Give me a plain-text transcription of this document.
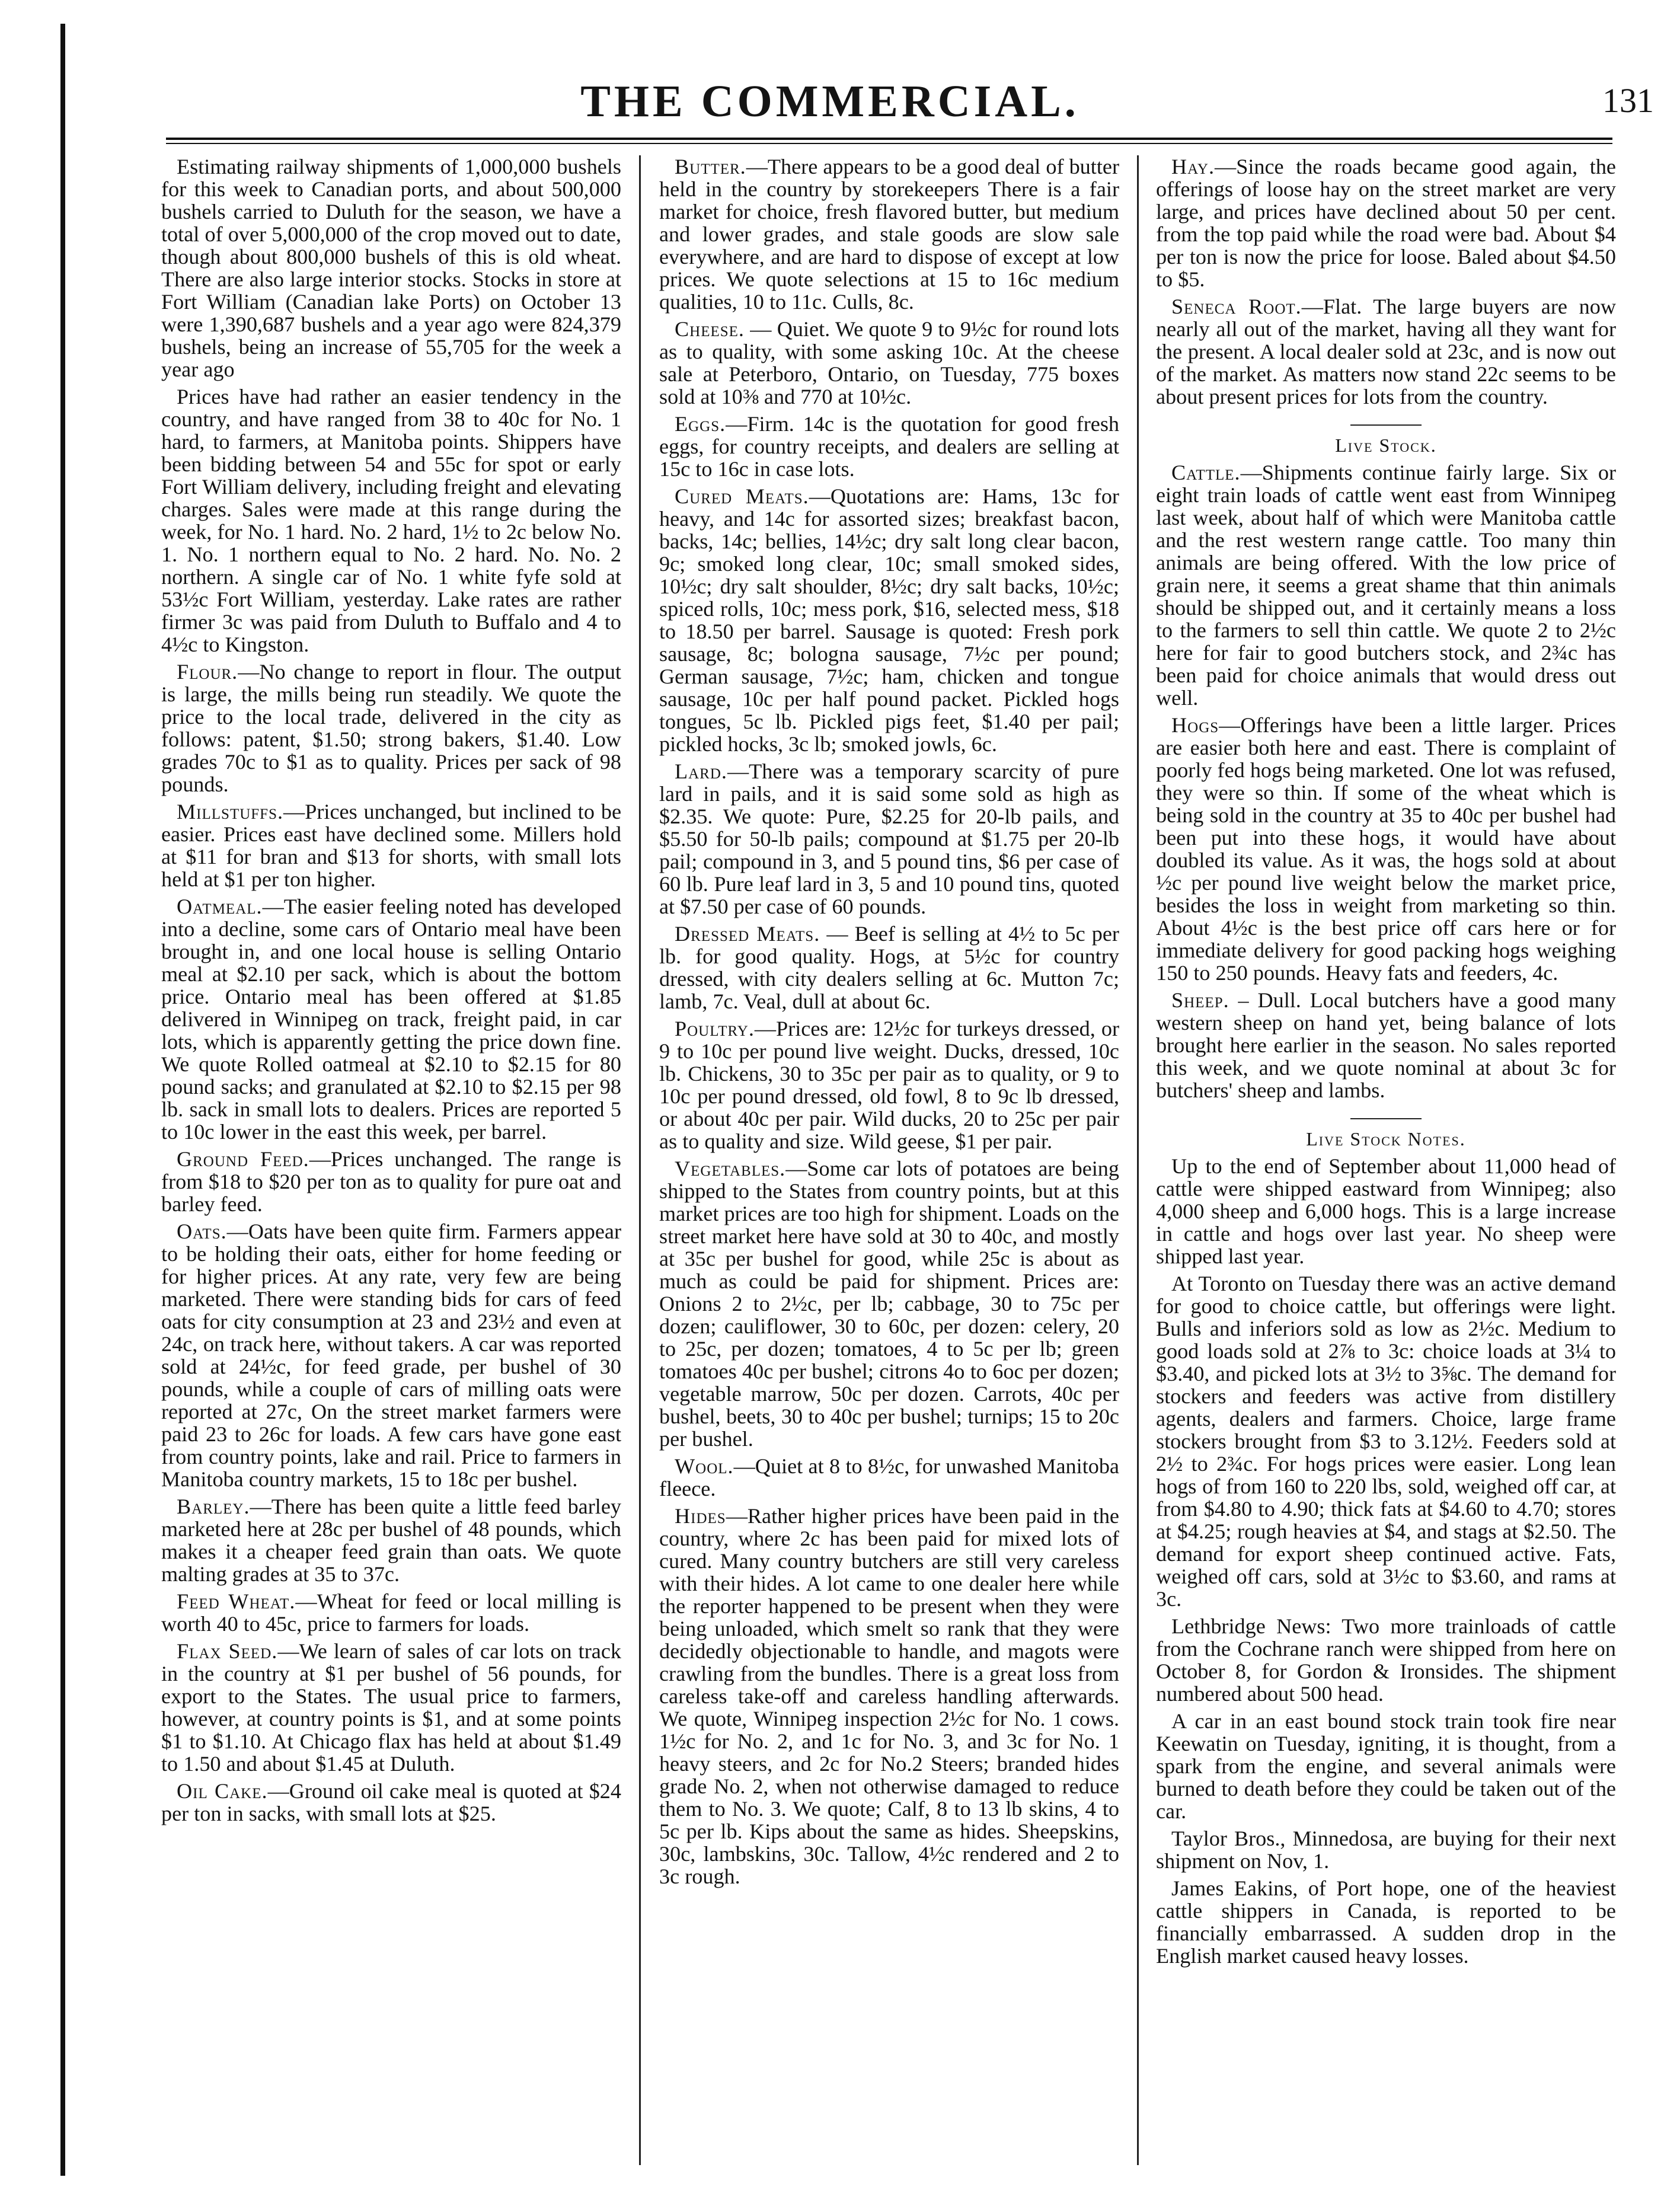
THE COMMERCIAL.	131

Estimating railway shipments of 1,000,000 bushels for this week to Canadian ports, and about 500,000 bushels carried to Duluth for the season, we have a total of over 5,000,000 of the crop moved out to date, though about 800,000 bushels of this is old wheat. There are also large interior stocks. Stocks in store at Fort William (Canadian lake Ports) on October 13 were 1,390,687 bushels and a year ago were 824,379 bushels, being an increase of 55,705 for the week a year ago

Prices have had rather an easier tendency in the country, and have ranged from 38 to 40c for No. 1 hard, to farmers, at Manitoba points. Shippers have been bidding between 54 and 55c for spot or early Fort William delivery, including freight and elevating charges. Sales were made at this range during the week, for No. 1 hard. No. 2 hard, 1½ to 2c below No. 1. No. 1 northern equal to No. 2 hard. No. No. 2 northern. A single car of No. 1 white fyfe sold at 53½c Fort William, yesterday. Lake rates are rather firmer 3c was paid from Duluth to Buffalo and 4 to 4½c to Kingston.

Flour.—No change to report in flour. The output is large, the mills being run steadily. We quote the price to the local trade, delivered in the city as follows: patent, $1.50; strong bakers, $1.40. Low grades 70c to $1 as to quality. Prices per sack of 98 pounds.

Millstuffs.—Prices unchanged, but inclined to be easier. Prices east have declined some. Millers hold at $11 for bran and $13 for shorts, with small lots held at $1 per ton higher.

Oatmeal.—The easier feeling noted has developed into a decline, some cars of Ontario meal have been brought in, and one local house is selling Ontario meal at $2.10 per sack, which is about the bottom price. Ontario meal has been offered at $1.85 delivered in Winnipeg on track, freight paid, in car lots, which is apparently getting the price down fine. We quote Rolled oatmeal at $2.10 to $2.15 for 80 pound sacks; and granulated at $2.10 to $2.15 per 98 lb. sack in small lots to dealers. Prices are reported 5 to 10c lower in the east this week, per barrel.

Ground Feed.—Prices unchanged. The range is from $18 to $20 per ton as to quality for pure oat and barley feed.

Oats.—Oats have been quite firm. Farmers appear to be holding their oats, either for home feeding or for higher prices. At any rate, very few are being marketed. There were standing bids for cars of feed oats for city consumption at 23 and 23½ and even at 24c, on track here, without takers. A car was reported sold at 24½c, for feed grade, per bushel of 30 pounds, while a couple of cars of milling oats were reported at 27c, On the street market farmers were paid 23 to 26c for loads. A few cars have gone east from country points, lake and rail. Price to farmers in Manitoba country markets, 15 to 18c per bushel.

Barley.—There has been quite a little feed barley marketed here at 28c per bushel of 48 pounds, which makes it a cheaper feed grain than oats. We quote malting grades at 35 to 37c.

Feed Wheat.—Wheat for feed or local milling is worth 40 to 45c, price to farmers for loads.

Flax Seed.—We learn of sales of car lots on track in the country at $1 per bushel of 56 pounds, for export to the States. The usual price to farmers, however, at country points is $1, and at some points $1 to $1.10. At Chicago flax has held at about $1.49 to 1.50 and about $1.45 at Duluth.

Oil Cake.—Ground oil cake meal is quoted at $24 per ton in sacks, with small lots at $25.

Butter.—There appears to be a good deal of butter held in the country by storekeepers There is a fair market for choice, fresh flavored butter, but medium and lower grades, and stale goods are slow sale everywhere, and are hard to dispose of except at low prices. We quote selections at 15 to 16c medium qualities, 10 to 11c. Culls, 8c.

Cheese. — Quiet. We quote 9 to 9½c for round lots as to quality, with some asking 10c. At the cheese sale at Peterboro, Ontario, on Tuesday, 775 boxes sold at 10⅜ and 770 at 10½c.

Eggs.—Firm. 14c is the quotation for good fresh eggs, for country receipts, and dealers are selling at 15c to 16c in case lots.

Cured Meats.—Quotations are: Hams, 13c for heavy, and 14c for assorted sizes; breakfast bacon, backs, 14c; bellies, 14½c; dry salt long clear bacon, 9c; smoked long clear, 10c; small smoked sides, 10½c; dry salt shoulder, 8½c; dry salt backs, 10½c; spiced rolls, 10c; mess pork, $16, selected mess, $18 to 18.50 per barrel. Sausage is quoted: Fresh pork sausage, 8c; bologna sausage, 7½c per pound; German sausage, 7½c; ham, chicken and tongue sausage, 10c per half pound packet. Pickled hogs tongues, 5c lb. Pickled pigs feet, $1.40 per pail; pickled hocks, 3c lb; smoked jowls, 6c.

Lard.—There was a temporary scarcity of pure lard in pails, and it is said some sold as high as $2.35. We quote: Pure, $2.25 for 20-lb pails, and $5.50 for 50-lb pails; compound at $1.75 per 20-lb pail; compound in 3, and 5 pound tins, $6 per case of 60 lb. Pure leaf lard in 3, 5 and 10 pound tins, quoted at $7.50 per case of 60 pounds.

Dressed Meats. — Beef is selling at 4½ to 5c per lb. for good quality. Hogs, at 5½c for country dressed, with city dealers selling at 6c. Mutton 7c; lamb, 7c. Veal, dull at about 6c.

Poultry.—Prices are: 12½c for turkeys dressed, or 9 to 10c per pound live weight. Ducks, dressed, 10c lb. Chickens, 30 to 35c per pair as to quality, or 9 to 10c per pound dressed, old fowl, 8 to 9c lb dressed, or about 40c per pair. Wild ducks, 20 to 25c per pair as to quality and size. Wild geese, $1 per pair.

Vegetables.—Some car lots of potatoes are being shipped to the States from country points, but at this market prices are too high for shipment. Loads on the street market here have sold at 30 to 40c, and mostly at 35c per bushel for good, while 25c is about as much as could be paid for shipment. Prices are: Onions 2 to 2½c, per lb; cabbage, 30 to 75c per dozen; cauliflower, 30 to 60c, per dozen: celery, 20 to 25c, per dozen; tomatoes, 4 to 5c per lb; green tomatoes 40c per bushel; citrons 4o to 6oc per dozen; vegetable marrow, 50c per dozen. Carrots, 40c per bushel, beets, 30 to 40c per bushel; turnips; 15 to 20c per bushel.

Wool.—Quiet at 8 to 8½c, for unwashed Manitoba fleece.

Hides—Rather higher prices have been paid in the country, where 2c has been paid for mixed lots of cured. Many country butchers are still very careless with their hides. A lot came to one dealer here while the reporter happened to be present when they were being unloaded, which smelt so rank that they were decidedly objectionable to handle, and magots were crawling from the bundles. There is a great loss from careless take-off and careless handling afterwards. We quote, Winnipeg inspection 2½c for No. 1 cows. 1½c for No. 2, and 1c for No. 3, and 3c for No. 1 heavy steers, and 2c for No.2 Steers; branded hides grade No. 2, when not otherwise damaged to reduce them to No. 3. We quote; Calf, 8 to 13 lb skins, 4 to 5c per lb. Kips about the same as hides. Sheepskins, 30c, lambskins, 30c. Tallow, 4½c rendered and 2 to 3c rough.

Hay.—Since the roads became good again, the offerings of loose hay on the street market are very large, and prices have declined about 50 per cent. from the top paid while the road were bad. About $4 per ton is now the price for loose. Baled about $4.50 to $5.

Seneca Root.—Flat. The large buyers are now nearly all out of the market, having all they want for the present. A local dealer sold at 23c, and is now out of the market. As matters now stand 22c seems to be about present prices for lots from the country.

Live Stock.

Cattle.—Shipments continue fairly large. Six or eight train loads of cattle went east from Winnipeg last week, about half of which were Manitoba cattle and the rest western range cattle. Too many thin animals are being offered. With the low price of grain nere, it seems a great shame that thin animals should be shipped out, and it certainly means a loss to the farmers to sell thin cattle. We quote 2 to 2½c here for fair to good butchers stock, and 2¾c has been paid for choice animals that would dress out well.

Hogs—Offerings have been a little larger. Prices are easier both here and east. There is complaint of poorly fed hogs being marketed. One lot was refused, they were so thin. If some of the wheat which is being sold in the country at 35 to 40c per bushel had been put into these hogs, it would have about doubled its value. As it was, the hogs sold at about ½c per pound live weight below the market price, besides the loss in weight from marketing so thin. About 4½c is the best price off cars here or for immediate delivery for good packing hogs weighing 150 to 250 pounds. Heavy fats and feeders, 4c.

Sheep. – Dull. Local butchers have a good many western sheep on hand yet, being balance of lots brought here earlier in the season. No sales reported this week, and we quote nominal at about 3c for butchers' sheep and lambs.

Live Stock Notes.

Up to the end of September about 11,000 head of cattle were shipped eastward from Winnipeg; also 4,000 sheep and 6,000 hogs. This is a large increase in cattle and hogs over last year. No sheep were shipped last year.

At Toronto on Tuesday there was an active demand for good to choice cattle, but offerings were light. Bulls and inferiors sold as low as 2½c. Medium to good loads sold at 2⅞ to 3c: choice loads at 3¼ to $3.40, and picked lots at 3½ to 3⅝c. The demand for stockers and feeders was active from distillery agents, dealers and farmers. Choice, large frame stockers brought from $3 to 3.12½. Feeders sold at 2½ to 2¾c. For hogs prices were easier. Long lean hogs of from 160 to 220 lbs, sold, weighed off car, at from $4.80 to 4.90; thick fats at $4.60 to 4.70; stores at $4.25; rough heavies at $4, and stags at $2.50. The demand for export sheep continued active. Fats, weighed off cars, sold at 3½c to $3.60, and rams at 3c.

Lethbridge News: Two more trainloads of cattle from the Cochrane ranch were shipped from here on October 8, for Gordon & Ironsides. The shipment numbered about 500 head.

A car in an east bound stock train took fire near Keewatin on Tuesday, igniting, it is thought, from a spark from the engine, and several animals were burned to death before they could be taken out of the car.

Taylor Bros., Minnedosa, are buying for their next shipment on Nov, 1.

James Eakins, of Port hope, one of the heaviest cattle shippers in Canada, is reported to be financially embarrassed. A sudden drop in the English market caused heavy losses.
